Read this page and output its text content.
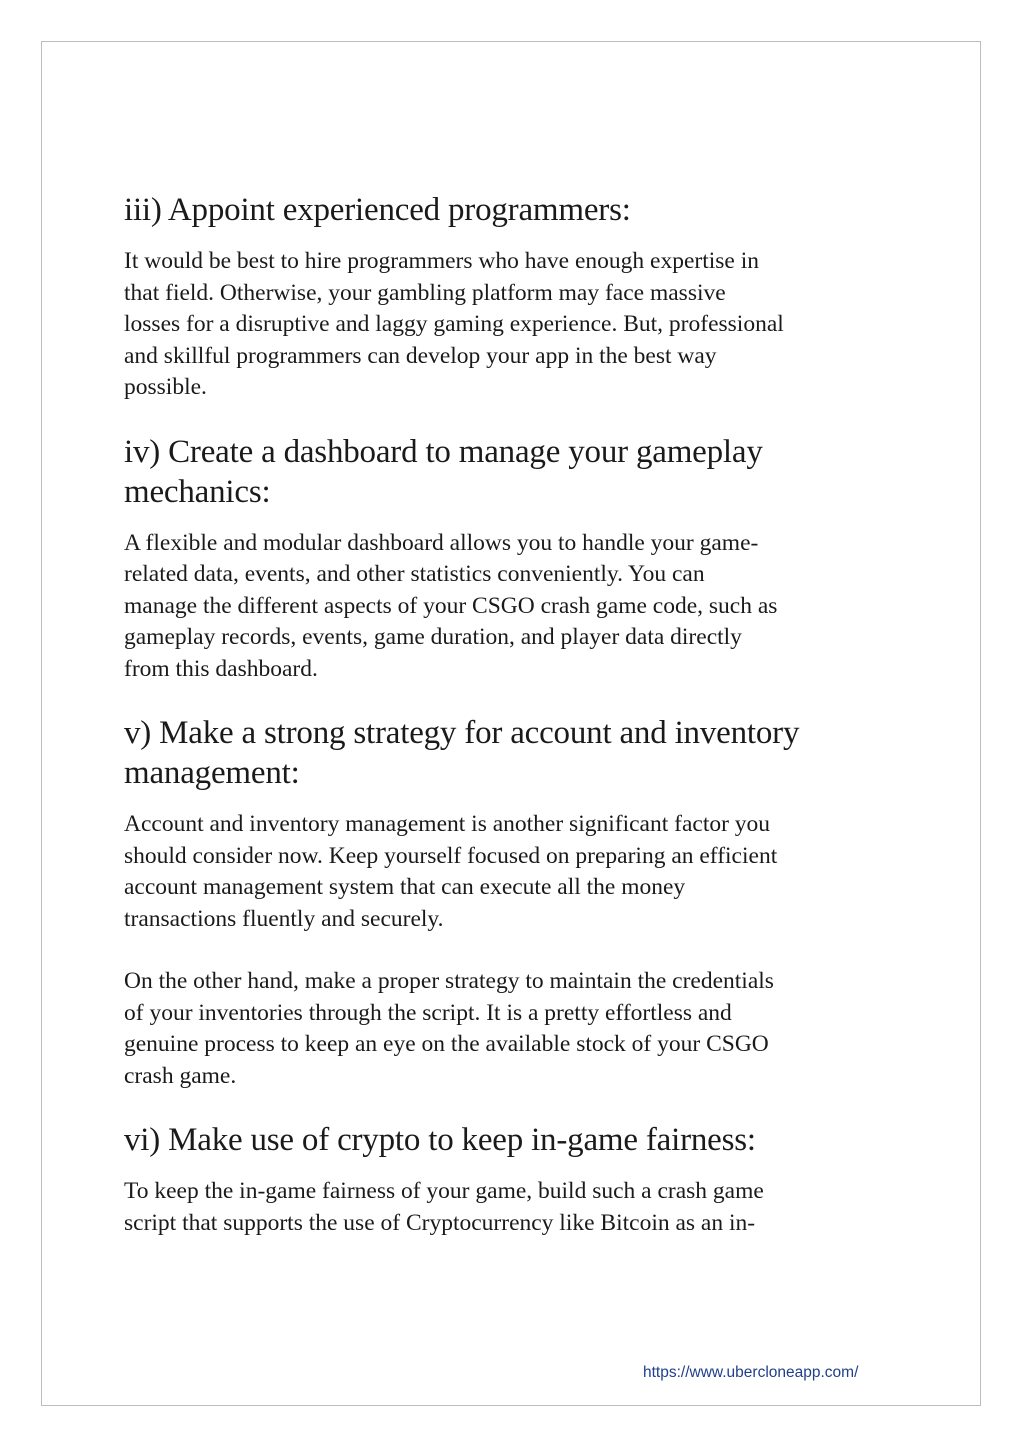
iii) Appoint experienced programmers:

It would be best to hire programmers who have enough expertise in
that field. Otherwise, your gambling platform may face massive
losses for a disruptive and laggy gaming experience. But, professional
and skillful programmers can develop your app in the best way
possible.

iv) Create a dashboard to manage your gameplay
mechanics:

A flexible and modular dashboard allows you to handle your game-
related data, events, and other statistics conveniently. You can
manage the different aspects of your CSGO crash game code, such as
gameplay records, events, game duration, and player data directly
from this dashboard.

v) Make a strong strategy for account and inventory
management:

Account and inventory management is another significant factor you
should consider now. Keep yourself focused on preparing an efficient
account management system that can execute all the money
transactions fluently and securely.

On the other hand, make a proper strategy to maintain the credentials
of your inventories through the script. It is a pretty effortless and
genuine process to keep an eye on the available stock of your CSGO
crash game.

vi) Make use of crypto to keep in-game fairness:

To keep the in-game fairness of your game, build such a crash game
script that supports the use of Cryptocurrency like Bitcoin as an in-

https://www.ubercloneapp.com/
